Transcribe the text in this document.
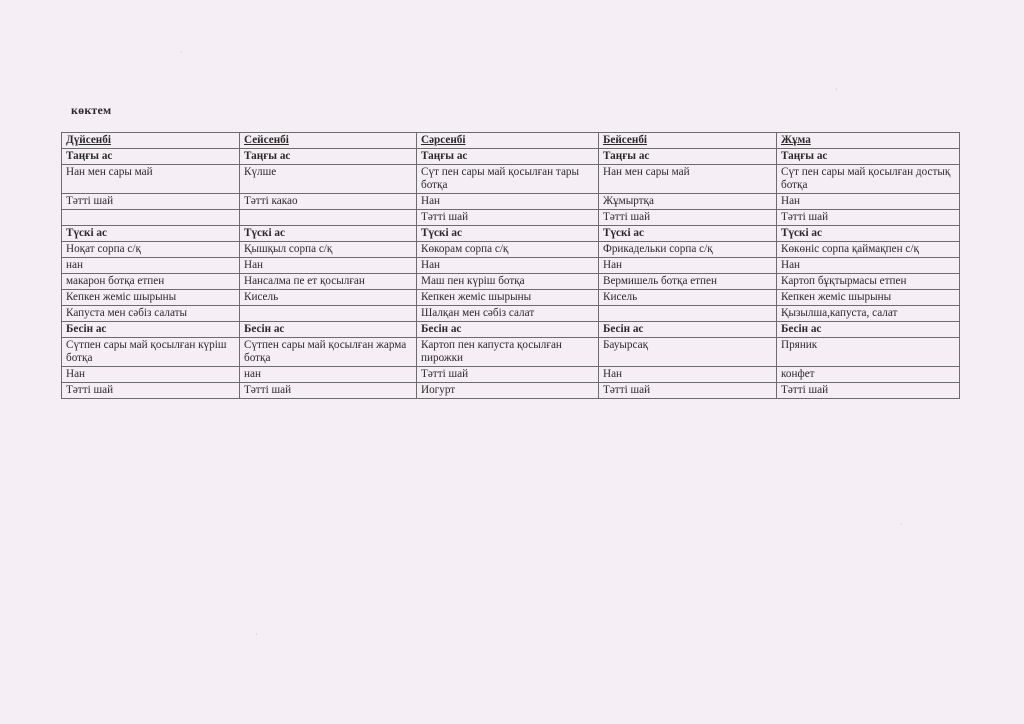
көктем
Дүйсенбі	Сейсенбі	Сәрсенбі	Бейсенбі	Жұма
Таңғы ас	Таңғы ас	Таңғы ас	Таңғы ас	Таңғы ас
Нан мен сары май	Күлше	Сүт пен сары май қосылған тары ботқа	Нан мен сары май	Сүт пен сары май қосылған достық ботқа
Тәтті шай	Тәтті какао	Нан	Жұмыртқа	Нан
		Тәтті шай	Тәтті шай	Тәтті шай
Түскі ас	Түскі ас	Түскі ас	Түскі ас	Түскі ас
Ноқат сорпа с/қ	Қышқыл сорпа с/қ	Көкорам сорпа с/қ	Фрикадельки сорпа с/қ	Көкөніс сорпа қаймақпен с/қ
нан	Нан	Нан	Нан	Нан
макарон ботқа етпен	Нансалма пе ет қосылған	Маш пен күріш ботқа	Вермишель ботқа етпен	Картоп бұқтырмасы етпен
Кепкен жеміс шырыны	Кисель	Кепкен жеміс шырыны	Кисель	Кепкен жеміс шырыны
Капуста мен сәбіз салаты		Шалқан мен сәбіз салат		Қызылша,капуста, салат
Бесін ас	Бесін ас	Бесін ас	Бесін ас	Бесін ас
Сүтпен сары май қосылған күріш ботқа	Сүтпен сары май қосылған жарма ботқа	Картоп пен капуста қосылған пирожки	Бауырсақ	Пряник
Нан	нан	Тәтті шай	Нан	конфет
Тәтті шай	Тәтті шай	Иогурт	Тәтті шай	Тәтті шай
·
·
·
·
